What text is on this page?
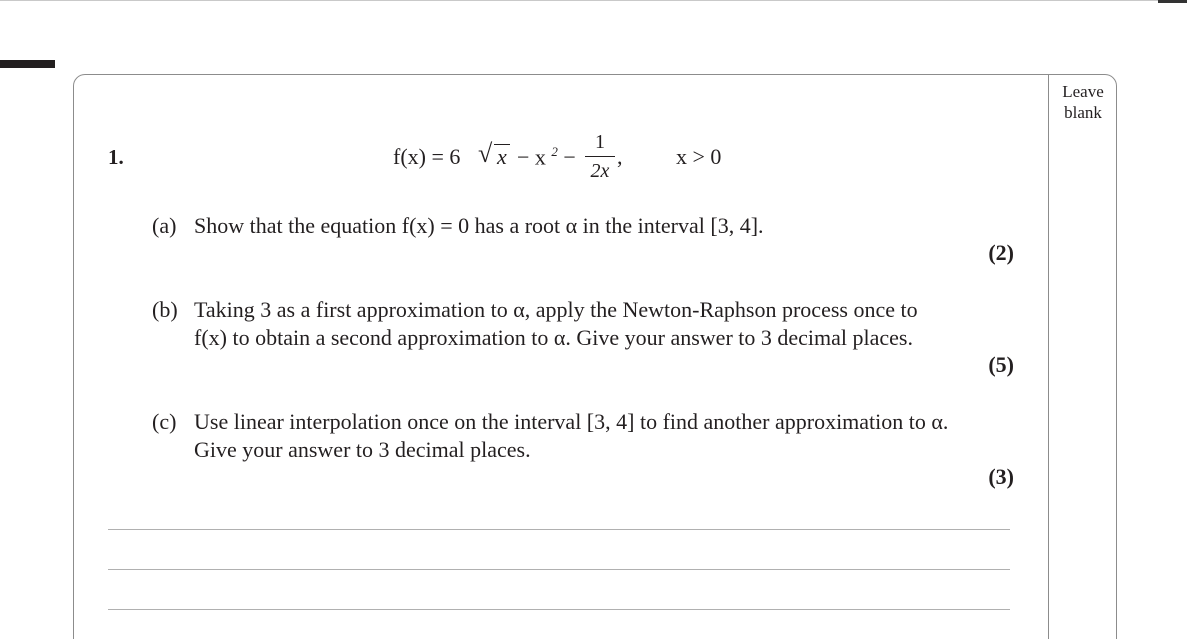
Leave
blank
1.	f(x) = 6 √ x − x $^2$ −
1
2x
, x > 0
(a) Show that the equation f(x) = 0 has a root α in the interval [3, 4].
(2)
(b) Taking 3 as a first approximation to α, apply the Newton-Raphson process once to
f(x) to obtain a second approximation to α. Give your answer to 3 decimal places.
(5)
(c) Use linear interpolation once on the interval [3, 4] to find another approximation to α.
Give your answer to 3 decimal places.
(3)
